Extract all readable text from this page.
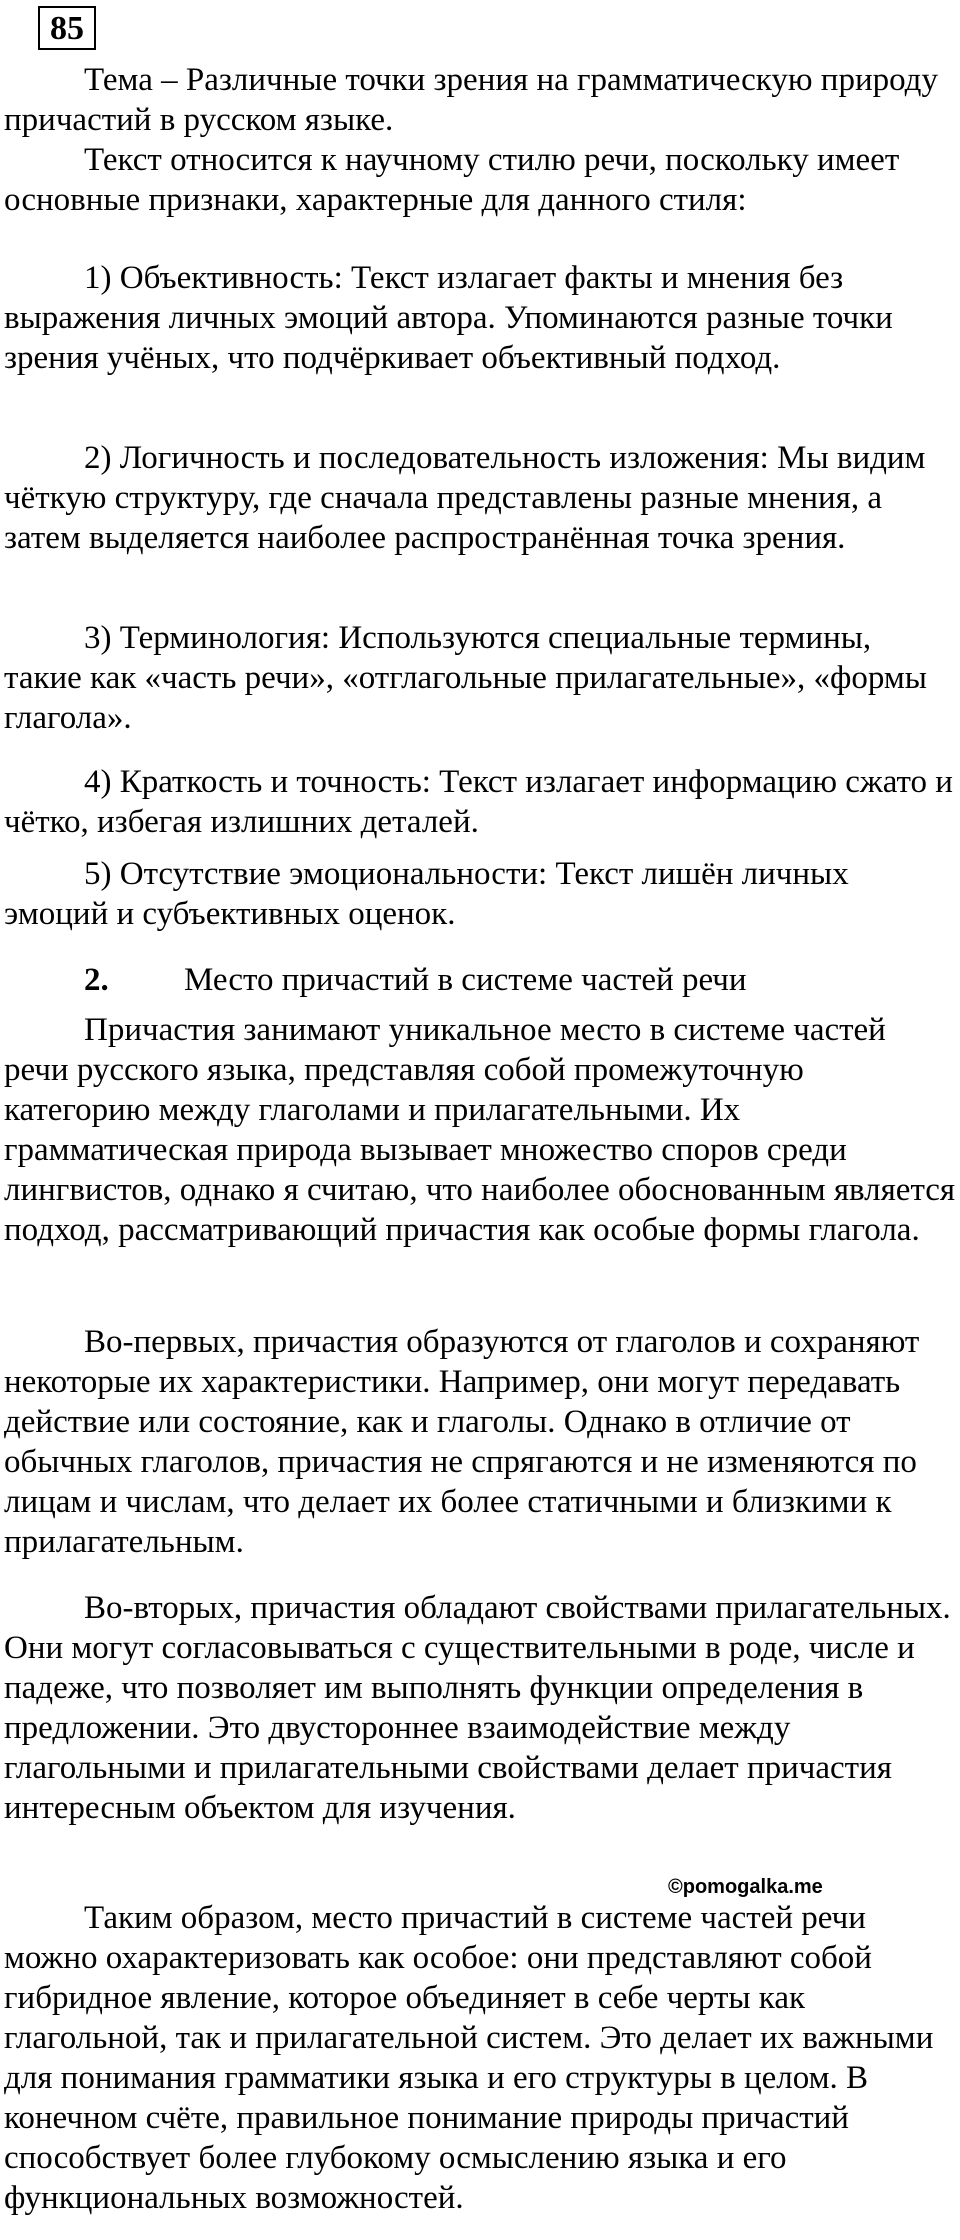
85

Тема – Различные точки зрения на грамматическую природу причастий в русском языке.

Текст относится к научному стилю речи, поскольку имеет основные признаки, характерные для данного стиля:

1) Объективность: Текст излагает факты и мнения без выражения личных эмоций автора. Упоминаются разные точки зрения учёных, что подчёркивает объективный подход.

2) Логичность и последовательность изложения: Мы видим чёткую структуру, где сначала представлены разные мнения, а затем выделяется наиболее распространённая точка зрения.

3) Терминология: Используются специальные термины, такие как «часть речи», «отглагольные прилагательные», «формы глагола».

4) Краткость и точность: Текст излагает информацию сжато и чётко, избегая излишних деталей.

5) Отсутствие эмоциональности: Текст лишён личных эмоций и субъективных оценок.

2. Место причастий в системе частей речи

Причастия занимают уникальное место в системе частей речи русского языка, представляя собой промежуточную категорию между глаголами и прилагательными. Их грамматическая природа вызывает множество споров среди лингвистов, однако я считаю, что наиболее обоснованным является подход, рассматривающий причастия как особые формы глагола.

Во-первых, причастия образуются от глаголов и сохраняют некоторые их характеристики. Например, они могут передавать действие или состояние, как и глаголы. Однако в отличие от обычных глаголов, причастия не спрягаются и не изменяются по лицам и числам, что делает их более статичными и близкими к прилагательным.

Во-вторых, причастия обладают свойствами прилагательных. Они могут согласовываться с существительными в роде, числе и падеже, что позволяет им выполнять функции определения в предложении. Это двустороннее взаимодействие между глагольными и прилагательными свойствами делает причастия интересным объектом для изучения.

©pomogalka.me

Таким образом, место причастий в системе частей речи можно охарактеризовать как особое: они представляют собой гибридное явление, которое объединяет в себе черты как глагольной, так и прилагательной систем. Это делает их важными для понимания грамматики языка и его структуры в целом. В конечном счёте, правильное понимание природы причастий способствует более глубокому осмыслению языка и его функциональных возможностей.
